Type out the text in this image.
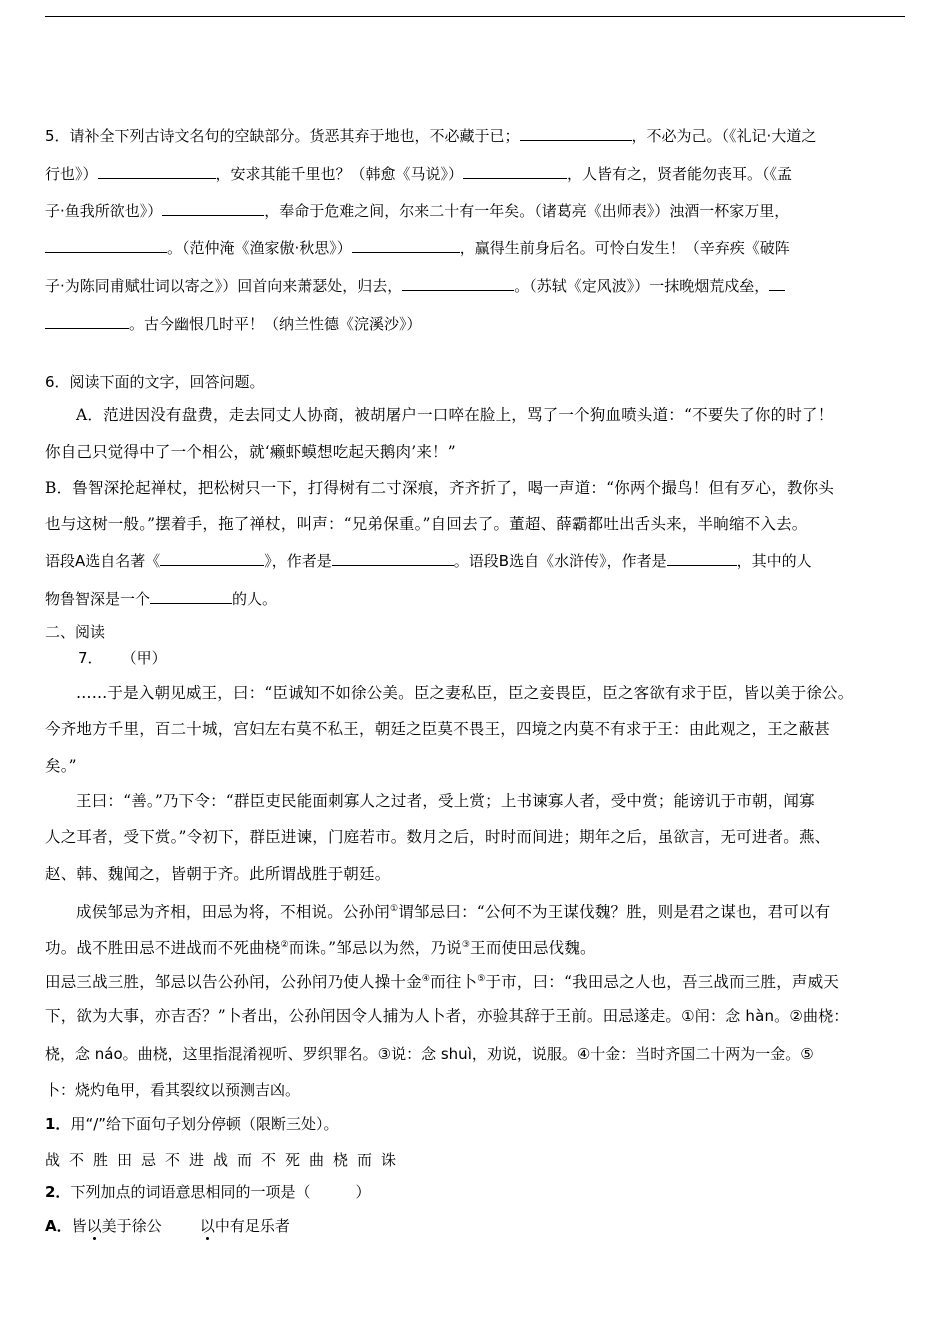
5．请补全下列古诗文名句的空缺部分。货恶其弃于地也，不必藏于已；	，不必为己。（《礼记·大道之
行也》）	，安求其能千里也？（韩愈《马说》）	，人皆有之，贤者能勿丧耳。（《孟
子·鱼我所欲也》）	，奉命于危难之间，尔来二十有一年矣。（诸葛亮《出师表》）浊酒一杯家万里，
。（范仲淹《渔家傲·秋思》）	，赢得生前身后名。可怜白发生！（辛弃疾《破阵
子·为陈同甫赋壮词以寄之》）回首向来萧瑟处，归去，	。（苏轼《定风波》）一抹晚烟荒戍垒，
。古今幽恨几时平！（纳兰性德《浣溪沙》）
6．阅读下面的文字，回答问题。
A．范进因没有盘费，走去同丈人协商，被胡屠户一口啐在脸上，骂了一个狗血喷头道：“不要失了你的时了！
你自己只觉得中了一个相公，就‘癞虾蟆想吃起天鹅肉’来！”
B．鲁智深抡起禅杖，把松树只一下，打得树有二寸深痕，齐齐折了，喝一声道：“你两个撮鸟！但有歹心，教你头
也与这树一般。”摆着手，拖了禅杖，叫声：“兄弟保重。”自回去了。董超、薛霸都吐出舌头来，半晌缩不入去。
语段A选自名著《	》，作者是	。语段B选自《水浒传》，作者是	，其中的人
物鲁智深是一个	的人。
二、阅读
7． （甲）
……于是入朝见威王，曰：“臣诚知不如徐公美。臣之妻私臣，臣之妾畏臣，臣之客欲有求于臣，皆以美于徐公。
今齐地方千里，百二十城，宫妇左右莫不私王，朝廷之臣莫不畏王，四境之内莫不有求于王：由此观之，王之蔽甚
矣。”
王曰：“善。”乃下令：“群臣吏民能面刺寡人之过者，受上赏；上书谏寡人者，受中赏；能谤讥于市朝，闻寡
人之耳者，受下赏。”令初下，群臣进谏，门庭若市。数月之后，时时而间进；期年之后，虽欲言，无可进者。燕、
赵、韩、魏闻之，皆朝于齐。此所谓战胜于朝廷。
成侯邹忌为齐相，田忌为将，不相说。公孙闬①谓邹忌曰：“公何不为王谋伐魏？胜，则是君之谋也，君可以有
功。战不胜田忌不进战而不死曲桡②而诛。”邹忌以为然，乃说③王而使田忌伐魏。
田忌三战三胜，邹忌以告公孙闬，公孙闬乃使人操十金④而往卜⑤于市，曰：“我田忌之人也，吾三战而三胜，声威天
下，欲为大事，亦吉否？”卜者出，公孙闬因令人捕为人卜者，亦验其辞于王前。田忌遂走。①闬：念 hàn。②曲桡：
桡，念 náo。曲桡，这里指混淆视听、罗织罪名。③说：念 shuì，劝说，说服。④十金：当时齐国二十两为一金。⑤
卜：烧灼龟甲，看其裂纹以预测吉凶。
1．用“/”给下面句子划分停顿（限断三处）。
战不胜田忌不进战而不死曲桡而诛
2．下列加点的词语意思相同的一项是（　　　）
A．皆以美于徐公	以中有足乐者
